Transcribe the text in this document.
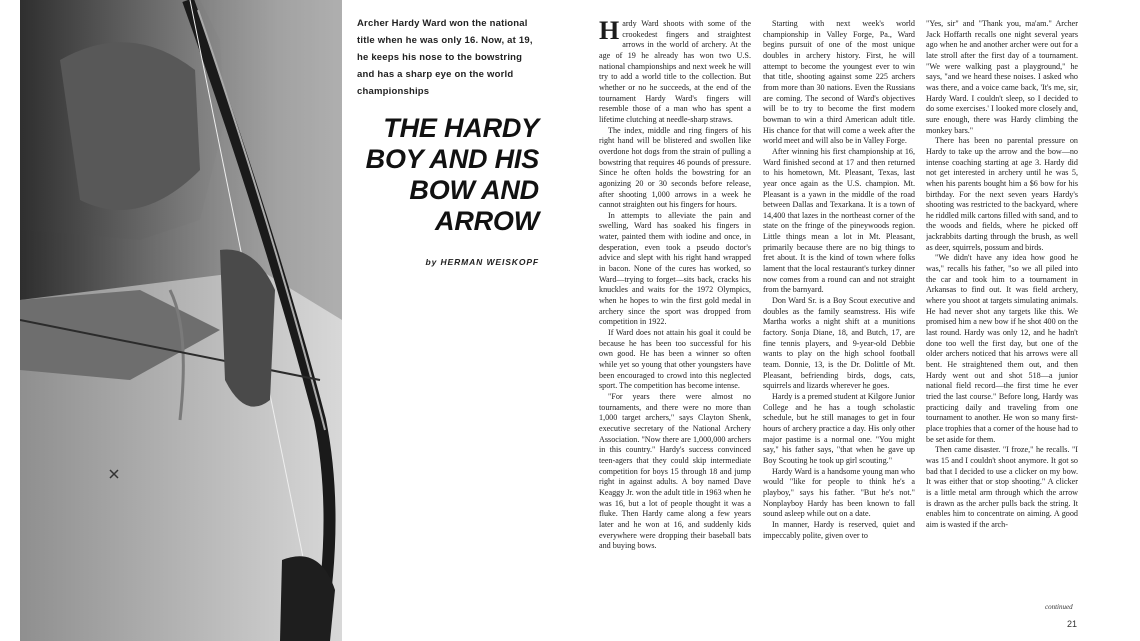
Archer Hardy Ward won the national title when he was only 16. Now, at 19, he keeps his nose to the bowstring and has a sharp eye on the world championships

THE HARDY BOY AND HIS BOW AND ARROW

by HERMAN WEISKOPF

Hardy Ward shoots with some of the crookedest fingers and straightest arrows in the world of archery. At the age of 19 he already has won two U.S. national championships and next week he will try to add a world title to the collection. But whether or no he succeeds, at the end of the tournament Hardy Ward's fingers will resemble those of a man who has spent a lifetime clutching at needle-sharp straws.

The index, middle and ring fingers of his right hand will be blistered and swollen like overdone hot dogs from the strain of pulling a bowstring that requires 46 pounds of pressure. Since he often holds the bowstring for an agonizing 20 or 30 seconds before release, after shooting 1,000 arrows in a week he cannot straighten out his fingers for hours.

In attempts to alleviate the pain and swelling, Ward has soaked his fingers in water, painted them with iodine and once, in desperation, even took a pseudo doctor's advice and slept with his right hand wrapped in bacon. None of the cures has worked, so Ward—trying to forget—sits back, cracks his knuckles and waits for the 1972 Olympics, when he hopes to win the first gold medal in archery since the sport was dropped from competition in 1922.

If Ward does not attain his goal it could be because he has been too successful for his own good. He has been a winner so often while yet so young that other youngsters have been encouraged to crowd into this neglected sport. The competition has become intense.

"For years there were almost no tournaments, and there were no more than 1,000 target archers," says Clayton Shenk, executive secretary of the National Archery Association. "Now there are 1,000,000 archers in this country." Hardy's success convinced teen-agers that they could skip intermediate competition for boys 15 through 18 and jump right in against adults. A boy named Dave Keaggy Jr. won the adult title in 1963 when he was 16, but a lot of people thought it was a fluke. Then Hardy came along a few years later and he won at 16, and suddenly kids everywhere were dropping their baseball bats and buying bows.

Starting with next week's world championship in Valley Forge, Pa., Ward begins pursuit of one of the most unique doubles in archery history. First, he will attempt to become the youngest ever to win that title, shooting against some 225 archers from more than 30 nations. Even the Russians are coming. The second of Ward's objectives will be to try to become the first modern bowman to win a third American adult title. His chance for that will come a week after the world meet and will also be in Valley Forge.

After winning his first championship at 16, Ward finished second at 17 and then returned to his hometown, Mt. Pleasant, Texas, last year once again as the U.S. champion. Mt. Pleasant is a yawn in the middle of the road between Dallas and Texarkana. It is a town of 14,400 that lazes in the northeast corner of the state on the fringe of the pineywoods region. Little things mean a lot in Mt. Pleasant, primarily because there are no big things to fret about. It is the kind of town where folks lament that the local restaurant's turkey dinner now comes from a round can and not straight from the barnyard.

Don Ward Sr. is a Boy Scout executive and doubles as the family seamstress. His wife Martha works a night shift at a munitions factory. Sonja Diane, 18, and Butch, 17, are fine tennis players, and 9-year-old Debbie wants to play on the high school football team. Donnie, 13, is the Dr. Dolittle of Mt. Pleasant, befriending birds, dogs, cats, squirrels and lizards wherever he goes.

Hardy is a premed student at Kilgore Junior College and he has a tough scholastic schedule, but he still manages to get in four hours of archery practice a day. His only other major pastime is a normal one. "You might say," his father says, "that when he gave up Boy Scouting he took up girl scouting."

Hardy Ward is a handsome young man who would "like for people to think he's a playboy," says his father. "But he's not." Nonplayboy Hardy has been known to fall sound asleep while out on a date.

In manner, Hardy is reserved, quiet and impeccably polite, given over to

"Yes, sir" and "Thank you, ma'am." Archer Jack Hoffarth recalls one night several years ago when he and another archer were out for a late stroll after the first day of a tournament. "We were walking past a playground," he says, "and we heard these noises. I asked who was there, and a voice came back, 'It's me, sir, Hardy Ward. I couldn't sleep, so I decided to do some exercises.' I looked more closely and, sure enough, there was Hardy climbing the monkey bars."

There has been no parental pressure on Hardy to take up the arrow and the bow—no intense coaching starting at age 3. Hardy did not get interested in archery until he was 5, when his parents bought him a $6 bow for his birthday. For the next seven years Hardy's shooting was restricted to the backyard, where he riddled milk cartons filled with sand, and to the woods and fields, where he picked off jackrabbits darting through the brush, as well as deer, squirrels, possum and birds.

"We didn't have any idea how good he was," recalls his father, "so we all piled into the car and took him to a tournament in Arkansas to find out. It was field archery, where you shoot at targets simulating animals. He had never shot any targets like this. We promised him a new bow if he shot 400 on the last round. Hardy was only 12, and he hadn't done too well the first day, but one of the older archers noticed that his arrows were all bent. He straightened them out, and then Hardy went out and shot 518—a junior national field record—the first time he ever tried the last course." Before long, Hardy was practicing daily and traveling from one tournament to another. He won so many first-place trophies that a corner of the house had to be set aside for them.

Then came disaster. "I froze," he recalls. "I was 15 and I couldn't shoot anymore. It got so bad that I decided to use a clicker on my bow. It was either that or stop shooting." A clicker is a little metal arm through which the arrow is drawn as the archer pulls back the string. It enables him to concentrate on aiming. A good aim is wasted if the arch-

continued

21
